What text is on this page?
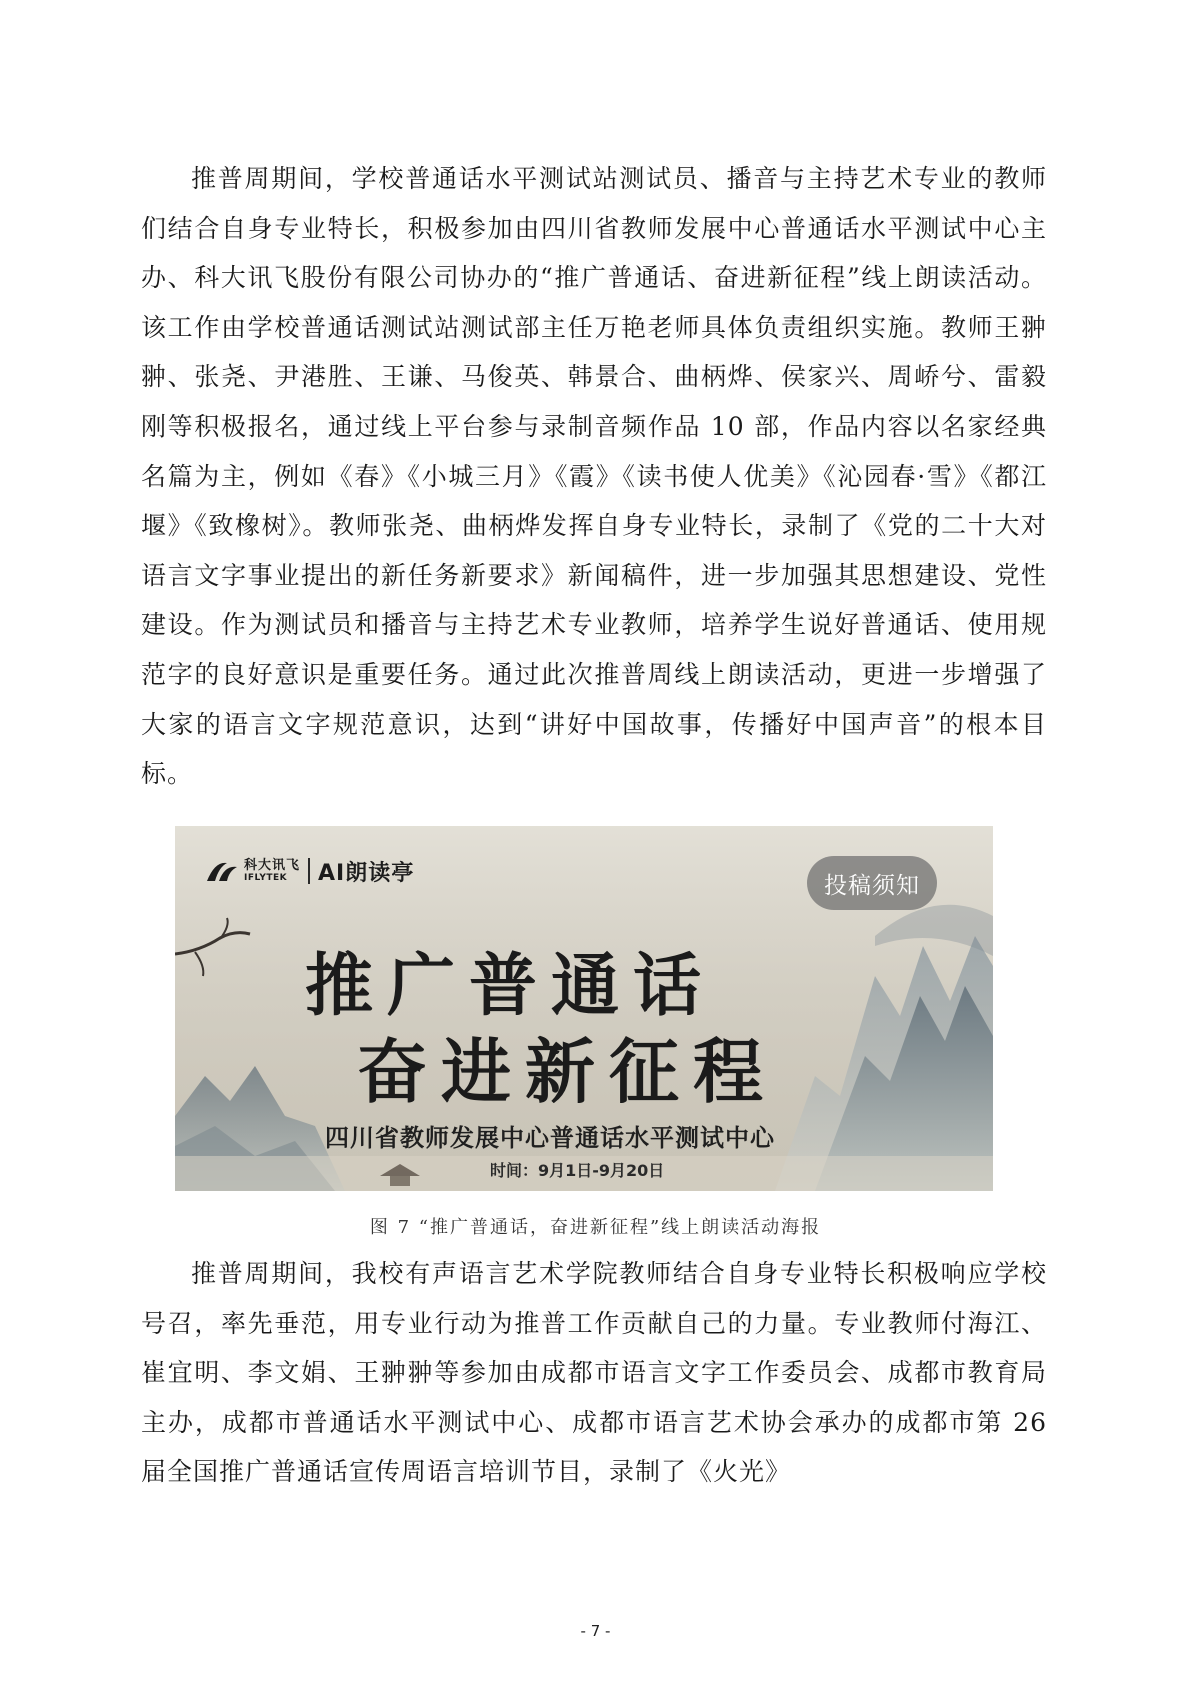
推普周期间，学校普通话水平测试站测试员、播音与主持艺术专业的教师们结合自身专业特长，积极参加由四川省教师发展中心普通话水平测试中心主办、科大讯飞股份有限公司协办的“推广普通话、奋进新征程”线上朗读活动。该工作由学校普通话测试站测试部主任万艳老师具体负责组织实施。教师王翀翀、张尧、尹港胜、王谦、马俊英、韩景合、曲柄烨、侯家兴、周峤兮、雷毅刚等积极报名，通过线上平台参与录制音频作品 10 部，作品内容以名家经典名篇为主，例如《春》《小城三月》《霞》《读书使人优美》《沁园春·雪》《都江堰》《致橡树》。教师张尧、曲柄烨发挥自身专业特长，录制了《党的二十大对语言文字事业提出的新任务新要求》新闻稿件，进一步加强其思想建设、党性建设。作为测试员和播音与主持艺术专业教师，培养学生说好普通话、使用规范字的良好意识是重要任务。通过此次推普周线上朗读活动，更进一步增强了大家的语言文字规范意识，达到“讲好中国故事，传播好中国声音”的根本目标。

科大讯飞
IFLYTEK	AI朗读亭	投稿须知
推广普通话
奋进新征程
四川省教师发展中心普通话水平测试中心
时间：9月1日-9月20日
图 7 “推广普通话，奋进新征程”线上朗读活动海报

推普周期间，我校有声语言艺术学院教师结合自身专业特长积极响应学校号召，率先垂范，用专业行动为推普工作贡献自己的力量。专业教师付海江、崔宜明、李文娟、王翀翀等参加由成都市语言文字工作委员会、成都市教育局主办，成都市普通话水平测试中心、成都市语言艺术协会承办的成都市第 26 届全国推广普通话宣传周语言培训节目，录制了《火光》

- 7 -
